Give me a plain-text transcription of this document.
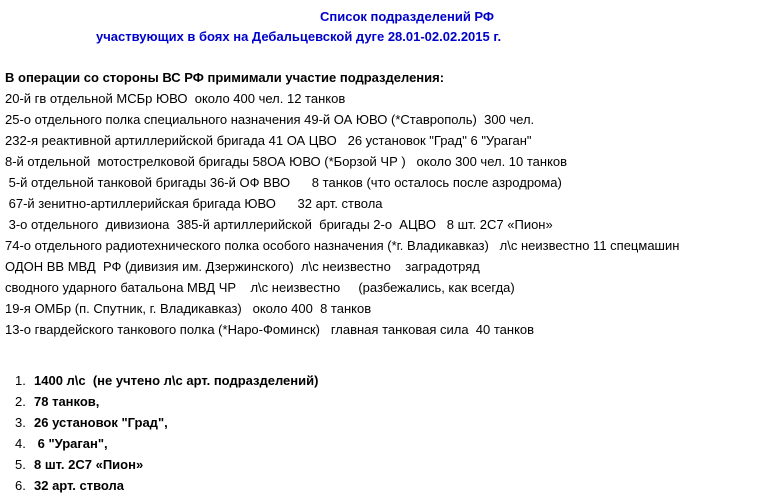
Список подразделений РФ
участвующих в боях на Дебальцевской дуге 28.01-02.02.2015 г.
В операции со стороны ВС РФ примимали участие подразделения:
20-й гв отдельной МСБр ЮВО  около 400 чел. 12 танков
25-о отдельного полка специального назначения 49-й ОА ЮВО (*Ставрополь)  300 чел.
232-я реактивной артиллерийской бригада 41 ОА ЦВО   26 установок "Град" 6 "Ураган"
8-й отдельной  мотострелковой бригады 58ОА ЮВО (*Борзой ЧР )   около 300 чел. 10 танков
5-й отдельной танковой бригады 36-й ОФ ВВО      8 танков (что осталось после азродрома)
67-й зенитно-артиллерийская бригада ЮВО      32 арт. ствола
3-о отдельного  дивизиона  385-й артиллерийской  бригады 2-о  АЦВО   8 шт. 2С7 «Пион»
74-о отдельного радиотехнического полка особого назначения (*г. Владикавказ)   л\с неизвестно 11 спецмашин
ОДОН ВВ МВД  РФ (дивизия им. Дзержинского)  л\с неизвестно    заградотряд
сводного ударного батальона МВД ЧР    л\с неизвестно     (разбежались, как всегда)
19-я ОМБр (п. Спутник, г. Владикавказ)   около 400  8 танков
13-о гвардейского танкового полка (*Наро-Фоминск)   главная танковая сила  40 танков
1. 1400 л\с  (не учтено л\с арт. подразделений)
2. 78 танков,
3. 26 установок "Град",
4. 6 "Ураган",
5. 8 шт. 2С7 «Пион»
6. 32 арт. ствола
